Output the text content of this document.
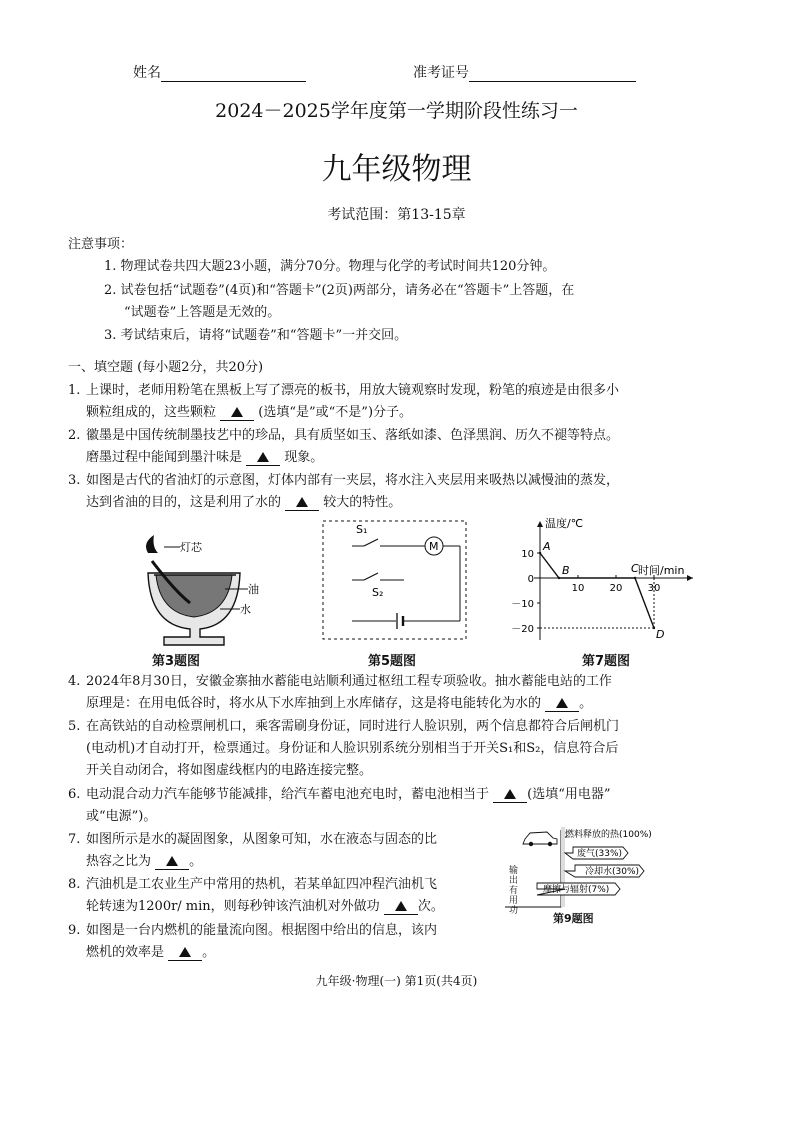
姓名	准考证号
2024－2025学年度第一学期阶段性练习一
九年级物理
考试范围：第13-15章
注意事项：
1. 物理试卷共四大题23小题，满分70分。物理与化学的考试时间共120分钟。
2. 试卷包括“试题卷”(4页)和“答题卡”(2页)两部分，请务必在“答题卡”上答题，在
“试题卷”上答题是无效的。
3. 考试结束后，请将“试题卷”和“答题卡”一并交回。
一、填空题 (每小题2分，共20分)
1. 上课时，老师用粉笔在黑板上写了漂亮的板书，用放大镜观察时发现，粉笔的痕迹是由很多小
颗粒组成的，这些颗粒	(选填“是”或“不是”)分子。
2. 徽墨是中国传统制墨技艺中的珍品，具有质坚如玉、落纸如漆、色泽黑润、历久不褪等特点。
磨墨过程中能闻到墨汁味是	现象。
3. 如图是古代的省油灯的示意图，灯体内部有一夹层，将水注入夹层用来吸热以减慢油的蒸发，
达到省油的目的，这是利用了水的	较大的特性。
灯芯
油
水
第3题图
M
S₁
S₂
第5题图
10
0
－10
－20
10	20	30
A
B	C
D
温度/℃
时间/min
第7题图
4. 2024年8月30日，安徽金寨抽水蓄能电站顺利通过枢纽工程专项验收。抽水蓄能电站的工作
原理是：在用电低谷时，将水从下水库抽到上水库储存，这是将电能转化为水的	。
5. 在高铁站的自动检票闸机口，乘客需刷身份证，同时进行人脸识别，两个信息都符合后闸机门
(电动机)才自动打开，检票通过。身份证和人脸识别系统分别相当于开关S₁和S₂，信息符合后
开关自动闭合，将如图虚线框内的电路连接完整。
6. 电动混合动力汽车能够节能减排，给汽车蓄电池充电时，蓄电池相当于	(选填“用电器”
或“电源”)。
7. 如图所示是水的凝固图象，从图象可知，水在液态与固态的比
热容之比为	。
8. 汽油机是工农业生产中常用的热机，若某单缸四冲程汽油机飞
轮转速为1200r/ min，则每秒钟该汽油机对外做功	次。
9. 如图是一台内燃机的能量流向图。根据图中给出的信息，该内
燃机的效率是	。
废气(33%)
冷却水(30%)
摩擦与辐射(7%)
燃料释放的热(100%)
输出有用功
第9题图
九年级·物理(一) 第1页(共4页)
